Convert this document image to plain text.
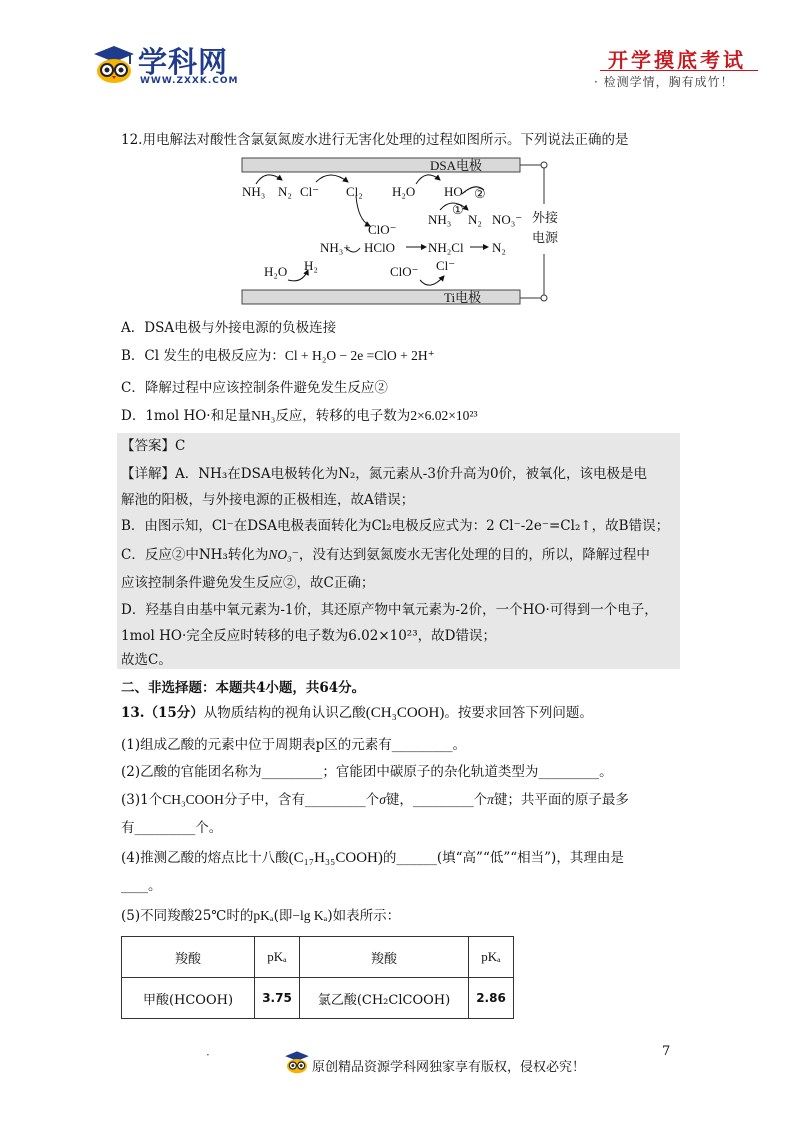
学科网
WWW.ZXXK.COM
开学摸底考试
· 检测学情，胸有成竹！
12.用电解法对酸性含氯氨氮废水进行无害化处理的过程如图所示。下列说法正确的是
DSA电极
Ti电极
外接
电源
NH₃ N₂ Cl⁻ Cl₂ H₂O HO· ②
①
NH₃ N₂ NO₃⁻
ClO⁻
NH₃+ HClO	NH₂Cl N₂
H₂O H₂	ClO⁻ Cl⁻
A．DSA电极与外接电源的负极连接
B．Cl 发生的电极反应为：Cl + H₂O − 2e =ClO + 2H⁺
C．降解过程中应该控制条件避免发生反应②
D．1mol HO·和足量NH₃反应，转移的电子数为2×6.02×10²³
【答案】C
【详解】A．NH₃在DSA电极转化为N₂，氮元素从-3价升高为0价，被氧化，该电极是电
解池的阳极，与外接电源的正极相连，故A错误；
B．由图示知，Cl⁻在DSA电极表面转化为Cl₂电极反应式为：2 Cl⁻-2e⁻=Cl₂↑，故B错误；
C．反应②中NH₃转化为NO₃⁻，没有达到氨氮废水无害化处理的目的，所以，降解过程中
应该控制条件避免发生反应②，故C正确；
D．羟基自由基中氧元素为-1价，其还原产物中氧元素为-2价，一个HO·可得到一个电子，
1mol HO·完全反应时转移的电子数为6.02×10²³，故D错误；
故选C。
二、非选择题：本题共4小题，共64分。
13.（15分）从物质结构的视角认识乙酸(CH₃COOH)。按要求回答下列问题。
(1)组成乙酸的元素中位于周期表p区的元素有_________。
(2)乙酸的官能团名称为_________；官能团中碳原子的杂化轨道类型为_________。
(3)1个CH₃COOH分子中，含有_________个σ键，_________个π键；共平面的原子最多
有_________个。
(4)推测乙酸的熔点比十八酸(C₁₇H₃₅COOH)的______(填“高”“低”“相当”)，其理由是
____。
(5)不同羧酸25℃时的pKₐ(即−lg Kₐ)如表所示：
羧酸	pKₐ	羧酸	pKₐ
甲酸(HCOOH)	3.75	氯乙酸(CH₂ClCOOH)	2.86
·
原创精品资源学科网独家享有版权，侵权必究！
7
